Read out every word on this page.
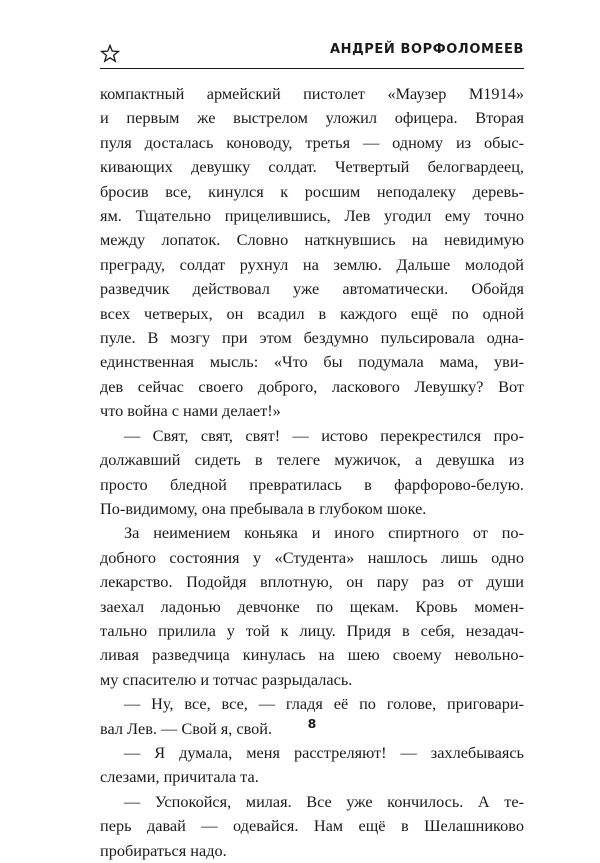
АНДРЕЙ ВОРФОЛОМЕЕВ

компактный армейский пистолет «Маузер M1914»
и первым же выстрелом уложил офицера. Вторая
пуля досталась коноводу, третья — одному из обыс-
кивающих девушку солдат. Четвертый белогвардеец,
бросив все, кинулся к росшим неподалеку деревь-
ям. Тщательно прицелившись, Лев угодил ему точно
между лопаток. Словно наткнувшись на невидимую
преграду, солдат рухнул на землю. Дальше молодой
разведчик действовал уже автоматически. Обойдя
всех четверых, он всадил в каждого ещё по одной
пуле. В мозгу при этом бездумно пульсировала одна-
единственная мысль: «Что бы подумала мама, уви-
дев сейчас своего доброго, ласкового Левушку? Вот
что война с нами делает!»

— Свят, свят, свят! — истово перекрестился про-
должавший сидеть в телеге мужичок, а девушка из
просто бледной превратилась в фарфорово-белую.
По-видимому, она пребывала в глубоком шоке.

За неимением коньяка и иного спиртного от по-
добного состояния у «Студента» нашлось лишь одно
лекарство. Подойдя вплотную, он пару раз от души
заехал ладонью девчонке по щекам. Кровь момен-
тально прилила у той к лицу. Придя в себя, незадач-
ливая разведчица кинулась на шею своему невольно-
му спасителю и тотчас разрыдалась.

— Ну, все, все, — гладя её по голове, приговари-
вал Лев. — Свой я, свой.

— Я думала, меня расстреляют! — захлебываясь
слезами, причитала та.

— Успокойся, милая. Все уже кончилось. А те-
перь давай — одевайся. Нам ещё в Шелашниково
пробираться надо.

8
